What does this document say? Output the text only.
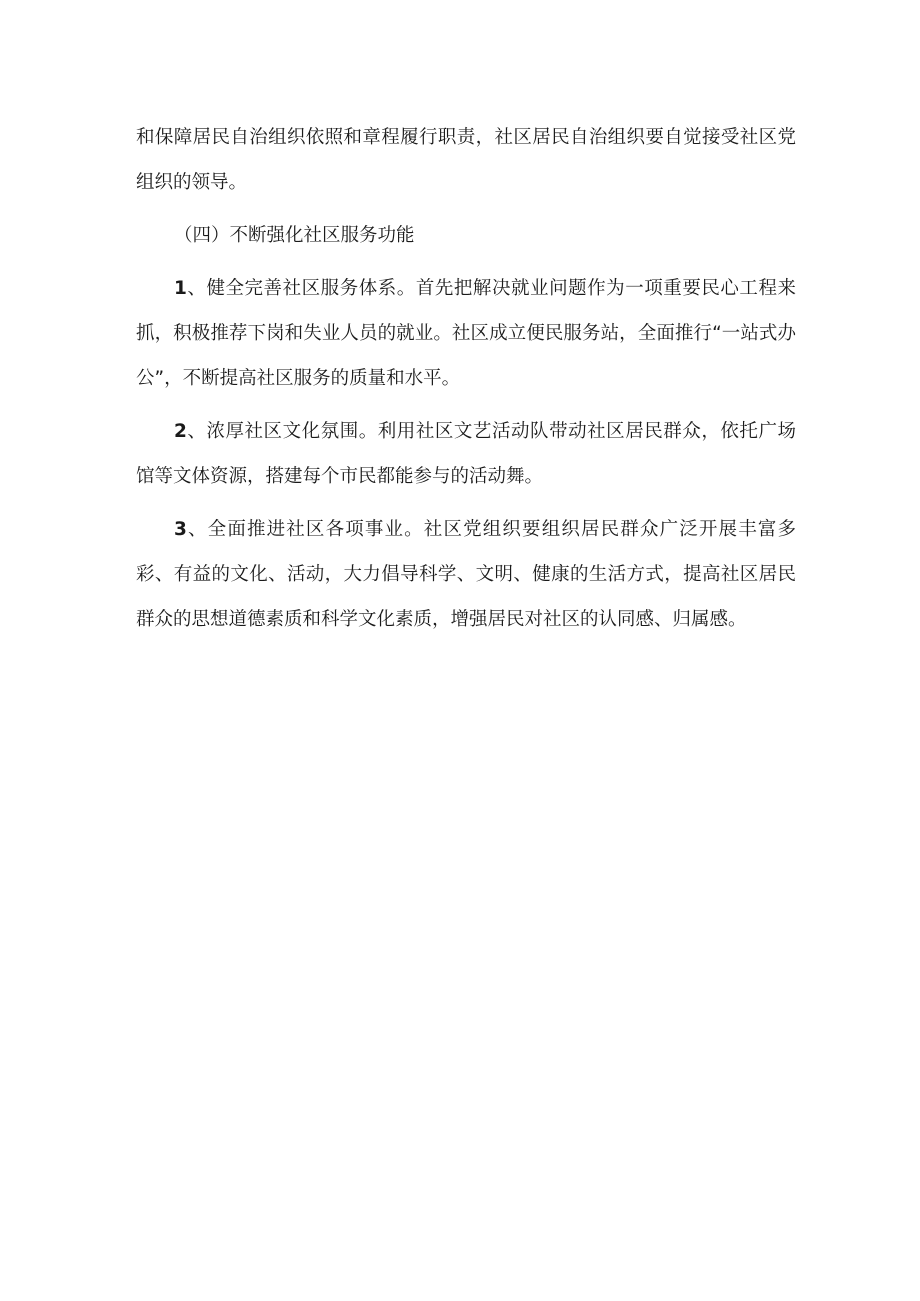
和保障居民自治组织依照和章程履行职责，社区居民自治组织要自觉接受社区党组织的领导。

（四）不断强化社区服务功能

1、健全完善社区服务体系。首先把解决就业问题作为一项重要民心工程来抓，积极推荐下岗和失业人员的就业。社区成立便民服务站，全面推行“一站式办公”，不断提高社区服务的质量和水平。

2、浓厚社区文化氛围。利用社区文艺活动队带动社区居民群众，依托广场馆等文体资源，搭建每个市民都能参与的活动舞。

3、全面推进社区各项事业。社区党组织要组织居民群众广泛开展丰富多彩、有益的文化、活动，大力倡导科学、文明、健康的生活方式，提高社区居民群众的思想道德素质和科学文化素质，增强居民对社区的认同感、归属感。
